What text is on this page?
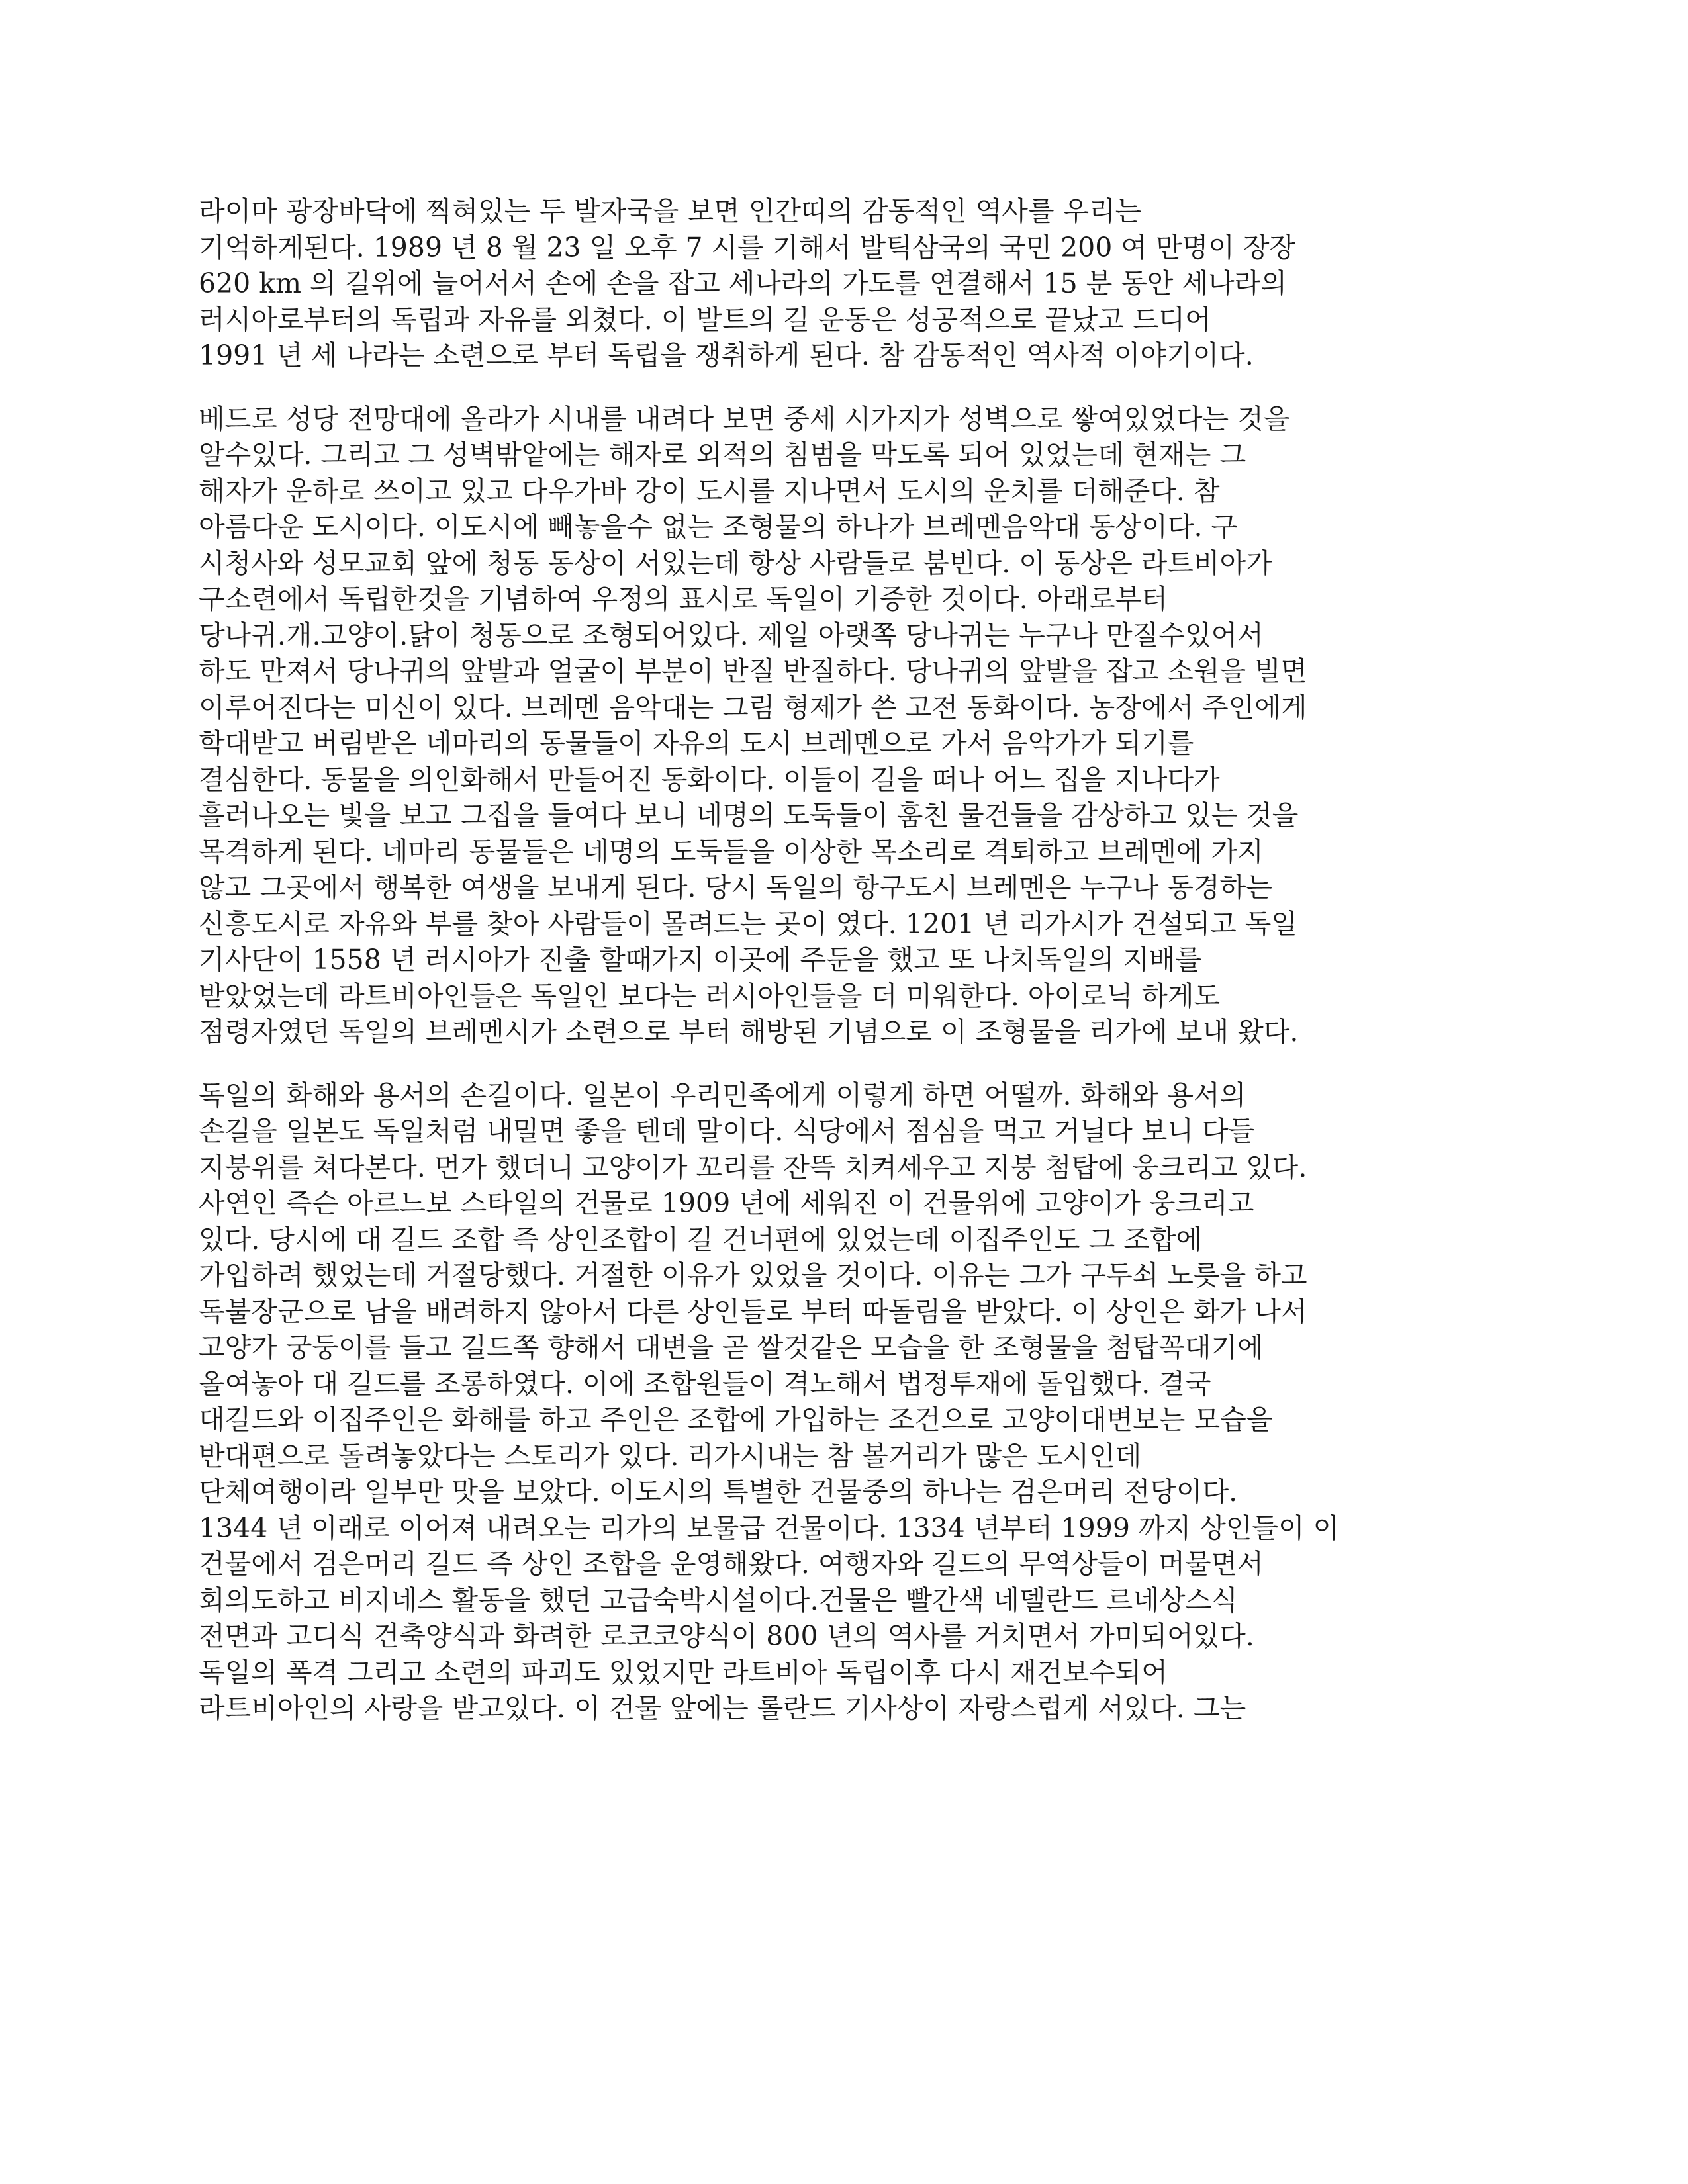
라이마 광장바닥에 찍혀있는 두 발자국을 보면 인간띠의 감동적인 역사를 우리는
기억하게된다. 1989 년 8 월 23 일 오후 7 시를 기해서 발틱삼국의 국민 200 여 만명이 장장
620 km 의 길위에 늘어서서 손에 손을 잡고 세나라의 가도를 연결해서 15 분 동안 세나라의
러시아로부터의 독립과 자유를 외쳤다. 이 발트의 길 운동은 성공적으로 끝났고 드디어
1991 년 세 나라는 소련으로 부터 독립을 쟁취하게 된다. 참 감동적인 역사적 이야기이다.
베드로 성당 전망대에 올라가 시내를 내려다 보면 중세 시가지가 성벽으로 쌓여있었다는 것을
알수있다. 그리고 그 성벽밖앝에는 해자로 외적의 침범을 막도록 되어 있었는데 현재는 그
해자가 운하로 쓰이고 있고 다우가바 강이 도시를 지나면서 도시의 운치를 더해준다. 참
아름다운 도시이다. 이도시에 빼놓을수 없는 조형물의 하나가 브레멘음악대 동상이다. 구
시청사와 성모교회 앞에 청동 동상이 서있는데 항상 사람들로 붐빈다. 이 동상은 라트비아가
구소련에서 독립한것을 기념하여 우정의 표시로 독일이 기증한 것이다. 아래로부터
당나귀.개.고양이.닭이 청동으로 조형되어있다. 제일 아랫쪽 당나귀는 누구나 만질수있어서
하도 만져서 당나귀의 앞발과 얼굴이 부분이 반질 반질하다. 당나귀의 앞발을 잡고 소원을 빌면
이루어진다는 미신이 있다. 브레멘 음악대는 그림 형제가 쓴 고전 동화이다. 농장에서 주인에게
학대받고 버림받은 네마리의 동물들이 자유의 도시 브레멘으로 가서 음악가가 되기를
결심한다. 동물을 의인화해서 만들어진 동화이다. 이들이 길을 떠나 어느 집을 지나다가
흘러나오는 빛을 보고 그집을 들여다 보니 네명의 도둑들이 훔친 물건들을 감상하고 있는 것을
목격하게 된다. 네마리 동물들은 네명의 도둑들을 이상한 목소리로 격퇴하고 브레멘에 가지
않고 그곳에서 행복한 여생을 보내게 된다. 당시 독일의 항구도시 브레멘은 누구나 동경하는
신흥도시로 자유와 부를 찾아 사람들이 몰려드는 곳이 였다. 1201 년 리가시가 건설되고 독일
기사단이 1558 년 러시아가 진출 할때가지 이곳에 주둔을 했고 또 나치독일의 지배를
받았었는데 라트비아인들은 독일인 보다는 러시아인들을 더 미워한다. 아이로닉 하게도
점령자였던 독일의 브레멘시가 소련으로 부터 해방된 기념으로 이 조형물을 리가에 보내 왔다.
독일의 화해와 용서의 손길이다. 일본이 우리민족에게 이렇게 하면 어떨까. 화해와 용서의
손길을 일본도 독일처럼 내밀면 좋을 텐데 말이다. 식당에서 점심을 먹고 거닐다 보니 다들
지붕위를 쳐다본다. 먼가 했더니 고양이가 꼬리를 잔뜩 치켜세우고 지붕 첨탑에 웅크리고 있다.
사연인 즉슨 아르느보 스타일의 건물로 1909 년에 세워진 이 건물위에 고양이가 웅크리고
있다. 당시에 대 길드 조합 즉 상인조합이 길 건너편에 있었는데 이집주인도 그 조합에
가입하려 했었는데 거절당했다. 거절한 이유가 있었을 것이다. 이유는 그가 구두쇠 노릇을 하고
독불장군으로 남을 배려하지 않아서 다른 상인들로 부터 따돌림을 받았다. 이 상인은 화가 나서
고양가 궁둥이를 들고 길드쪽 향해서 대변을 곧 쌀것같은 모습을 한 조형물을 첨탑꼭대기에
올여놓아 대 길드를 조롱하였다. 이에 조합원들이 격노해서 법정투재에 돌입했다. 결국
대길드와 이집주인은 화해를 하고 주인은 조합에 가입하는 조건으로 고양이대변보는 모습을
반대편으로 돌려놓았다는 스토리가 있다. 리가시내는 참 볼거리가 많은 도시인데
단체여행이라 일부만 맛을 보았다. 이도시의 특별한 건물중의 하나는 검은머리 전당이다.
1344 년 이래로 이어져 내려오는 리가의 보물급 건물이다. 1334 년부터 1999 까지 상인들이 이
건물에서 검은머리 길드 즉 상인 조합을 운영해왔다. 여행자와 길드의 무역상들이 머물면서
회의도하고 비지네스 활동을 했던 고급숙박시설이다.건물은 빨간색 네델란드 르네상스식
전면과 고디식 건축양식과 화려한 로코코양식이 800 년의 역사를 거치면서 가미되어있다.
독일의 폭격 그리고 소련의 파괴도 있었지만 라트비아 독립이후 다시 재건보수되어
라트비아인의 사랑을 받고있다. 이 건물 앞에는 롤란드 기사상이 자랑스럽게 서있다. 그는
